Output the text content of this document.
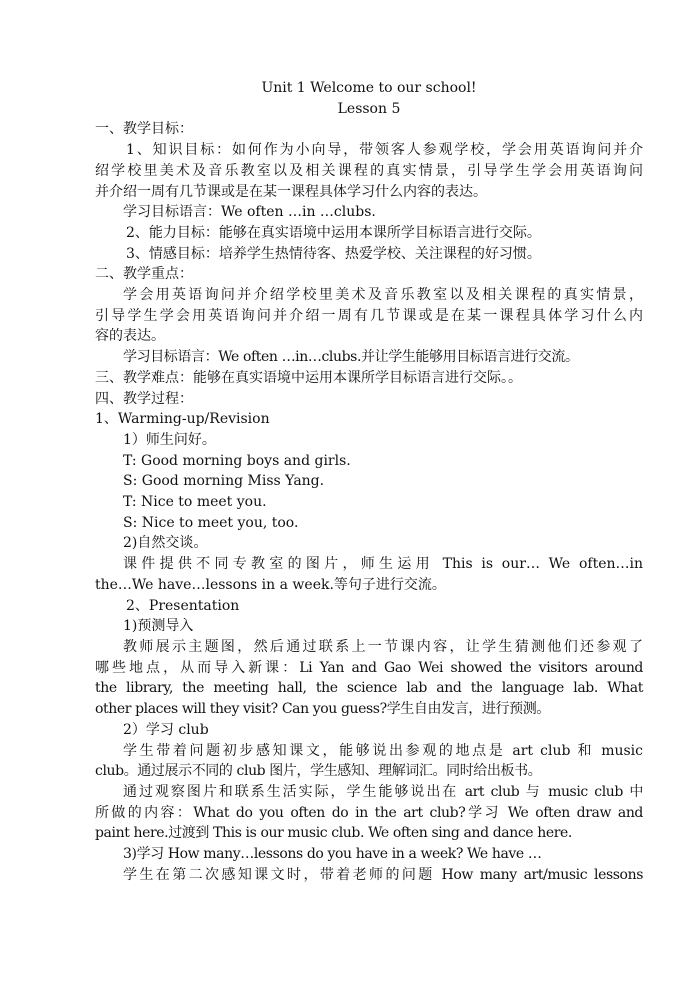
Unit 1 Welcome to our school!

Lesson 5

一、教学目标：

1、知识目标：如何作为小向导，带领客人参观学校，学会用英语询问并介

绍学校里美术及音乐教室以及相关课程的真实情景，引导学生学会用英语询问

并介绍一周有几节课或是在某一课程具体学习什么内容的表达。

学习目标语言：We often …in …clubs.

2、能力目标：能够在真实语境中运用本课所学目标语言进行交际。

3、情感目标：培养学生热情待客、热爱学校、关注课程的好习惯。

二、教学重点：

学会用英语询问并介绍学校里美术及音乐教室以及相关课程的真实情景，

引导学生学会用英语询问并介绍一周有几节课或是在某一课程具体学习什么内

容的表达。

学习目标语言：We often …in…clubs.并让学生能够用目标语言进行交流。

三、教学难点：能够在真实语境中运用本课所学目标语言进行交际。。

四、教学过程：

1、Warming-up/Revision

1）师生问好。

T: Good morning boys and girls.

S: Good morning Miss Yang.

T: Nice to meet you.

S: Nice to meet you, too.

2)自然交谈。

课件提供不同专教室的图片，师生运用 This is our… We often…in

the…We have…lessons in a week.等句子进行交流。

2、Presentation

1)预测导入

教师展示主题图，然后通过联系上一节课内容，让学生猜测他们还参观了

哪些地点，从而导入新课：Li Yan and Gao Wei showed the visitors around

the library, the meeting hall, the science lab and the language lab. What

other places will they visit? Can you guess?学生自由发言，进行预测。

2）学习 club

学生带着问题初步感知课文，能够说出参观的地点是 art club 和 music

club。通过展示不同的 club 图片，学生感知、理解词汇。同时给出板书。

通过观察图片和联系生活实际，学生能够说出在 art club 与 music club 中

所做的内容：What do you often do in the art club?学习 We often draw and

paint here.过渡到 This is our music club. We often sing and dance here.

3)学习 How many…lessons do you have in a week? We have …

学生在第二次感知课文时，带着老师的问题 How many art/music lessons
